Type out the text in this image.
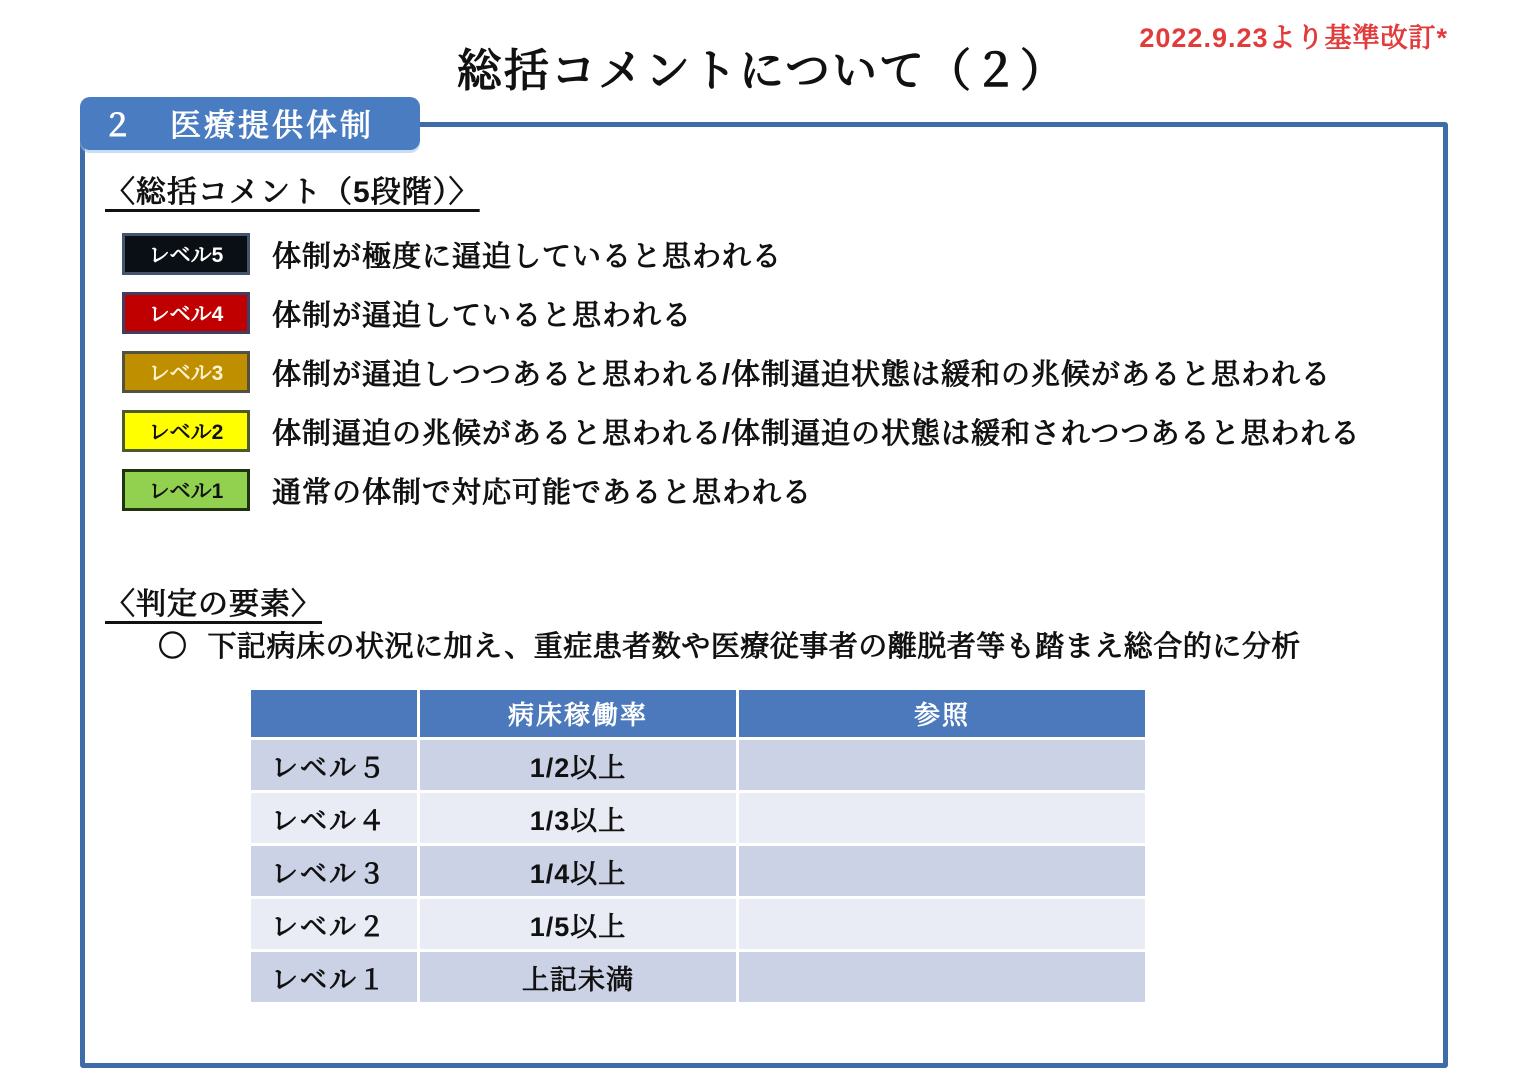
総括コメントについて（２）
2022.9.23より基準改訂*
２　医療提供体制
〈総括コメント（5段階）〉
レベル5 体制が極度に逼迫していると思われる
レベル4 体制が逼迫していると思われる
レベル3 体制が逼迫しつつあると思われる/体制逼迫状態は緩和の兆候があると思われる
レベル2 体制逼迫の兆候があると思われる/体制逼迫の状態は緩和されつつあると思われる
レベル1 通常の体制で対応可能であると思われる
〈判定の要素〉
〇 下記病床の状況に加え、重症患者数や医療従事者の離脱者等も踏まえ総合的に分析
	病床稼働率	参照
レベル５	1/2以上	
レベル４	1/3以上	
レベル３	1/4以上	
レベル２	1/5以上	
レベル１	上記未満	
